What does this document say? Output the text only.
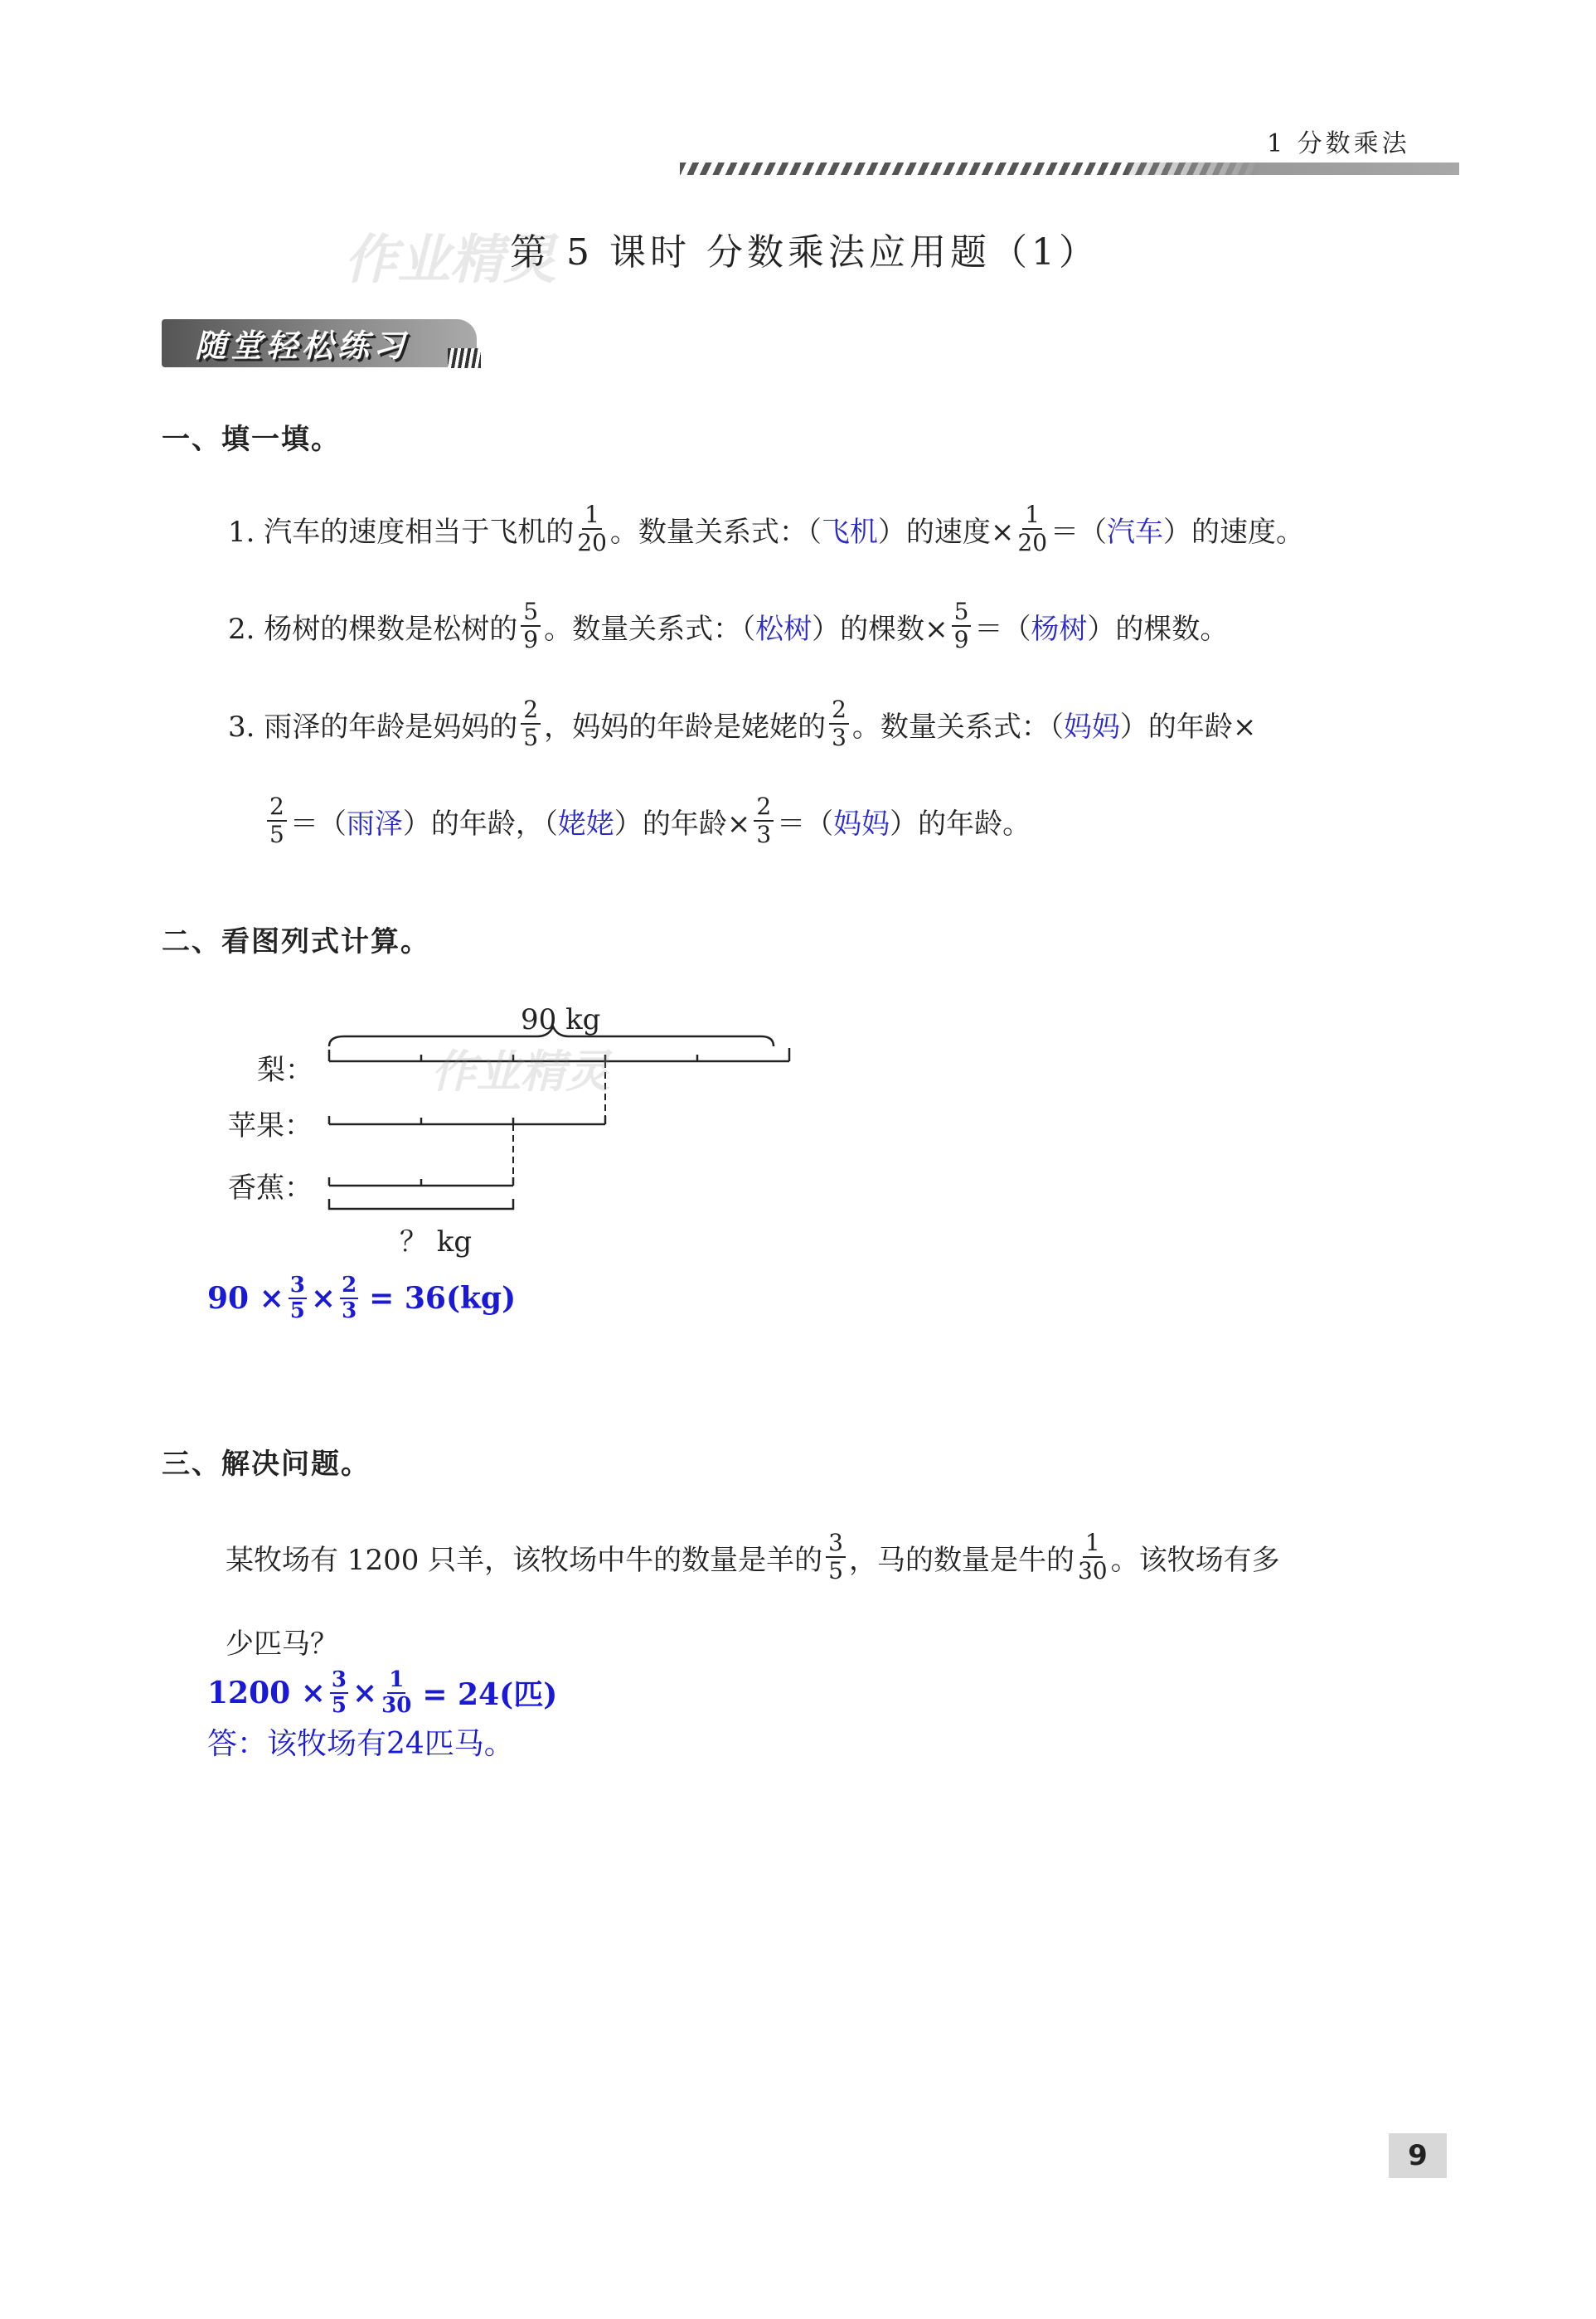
1 分数乘法
作业精灵
第 5 课时 分数乘法应用题（1）
随堂轻松练习
一、填一填。
1. 汽车的速度相当于飞机的 $\frac{1}{20}$ 。数量关系式：（ 飞机 ）的速度× $\frac{1}{20}$ ＝（ 汽车 ）的速度。
2. 杨树的棵数是松树的 $\frac{5}{9}$ 。数量关系式：（ 松树 ）的棵数× $\frac{5}{9}$ ＝（ 杨树 ）的棵数。
3. 雨泽的年龄是妈妈的 $\frac{2}{5}$ ，妈妈的年龄是姥姥的 $\frac{2}{3}$ 。数量关系式：（ 妈妈 ）的年龄×
$\frac{2}{5}$ ＝（ 雨泽 ）的年龄，（ 姥姥 ）的年龄× $\frac{2}{3}$ ＝（ 妈妈 ）的年龄。
二、看图列式计算。
90 kg
梨：
苹果：
香蕉：
？ kg
作业精灵
$90 \times \frac{3}{5} \times \frac{2}{3} = 36(kg)$
三、解决问题。
某牧场有 1200 只羊，该牧场中牛的数量是羊的 $\frac{3}{5}$ ，马的数量是牛的 $\frac{1}{30}$ 。该牧场有多
少匹马？
$1200 \times \frac{3}{5} \times \frac{1}{30} = 24$(匹)
答：该牧场有24匹马。
9
